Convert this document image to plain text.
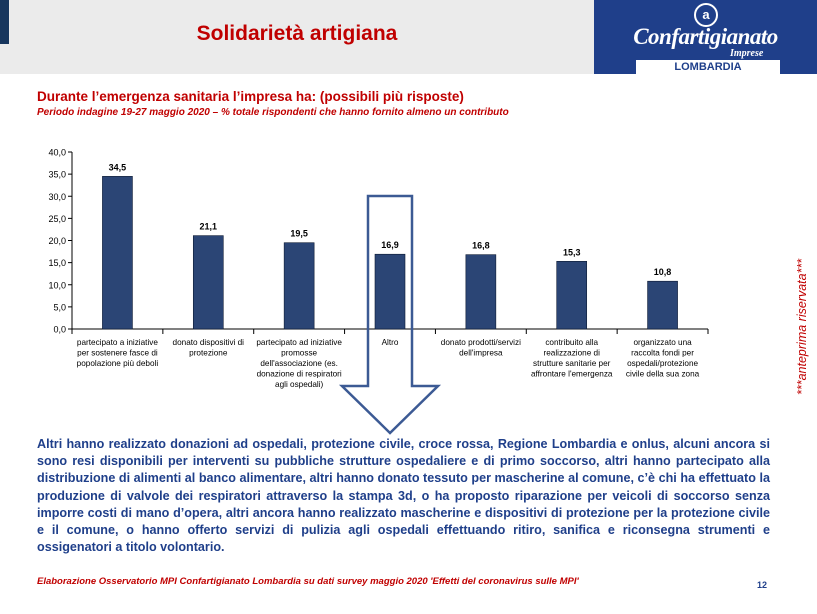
Solidarietà artigiana
a
Confartigianato
Imprese
LOMBARDIA
Durante l’emergenza sanitaria l’impresa ha: (possibili più risposte)
Periodo indagine 19-27 maggio 2020 – % totale rispondenti che hanno fornito almeno un contributo
0,0
5,0
10,0
15,0
20,0
25,0
30,0
35,0
40,0
34,5
partecipato a iniziative per sostenere fasce di popolazione più deboli
21,1
donato dispositivi di protezione
19,5
partecipato ad iniziative promosse dell'associazione (es. donazione di respiratori agli ospedali)
16,9
Altro
16,8
donato prodotti/servizi dell'impresa
15,3
contribuito alla realizzazione di strutture sanitarie per affrontare l'emergenza
10,8
organizzato una raccolta fondi per ospedali/protezione civile della sua zona	***anteprima riservata***
Altri hanno realizzato donazioni ad ospedali, protezione civile, croce rossa, Regione Lombardia e onlus, alcuni ancora si sono resi disponibili per interventi su pubbliche strutture ospedaliere e di primo soccorso, altri hanno partecipato alla distribuzione di alimenti al banco alimentare, altri hanno donato tessuto per mascherine al comune, c’è chi ha effettuato la produzione di valvole dei respiratori attraverso la stampa 3d, o ha proposto riparazione per veicoli di soccorso senza imporre costi di mano d’opera, altri ancora hanno realizzato mascherine e dispositivi di protezione per la protezione civile e il comune, o hanno offerto servizi di pulizia agli ospedali effettuando ritiro, sanifica e riconsegna strumenti e ossigenatori a titolo volontario.
Elaborazione Osservatorio MPI Confartigianato Lombardia su dati survey maggio 2020 'Effetti del coronavirus sulle MPI'	12
